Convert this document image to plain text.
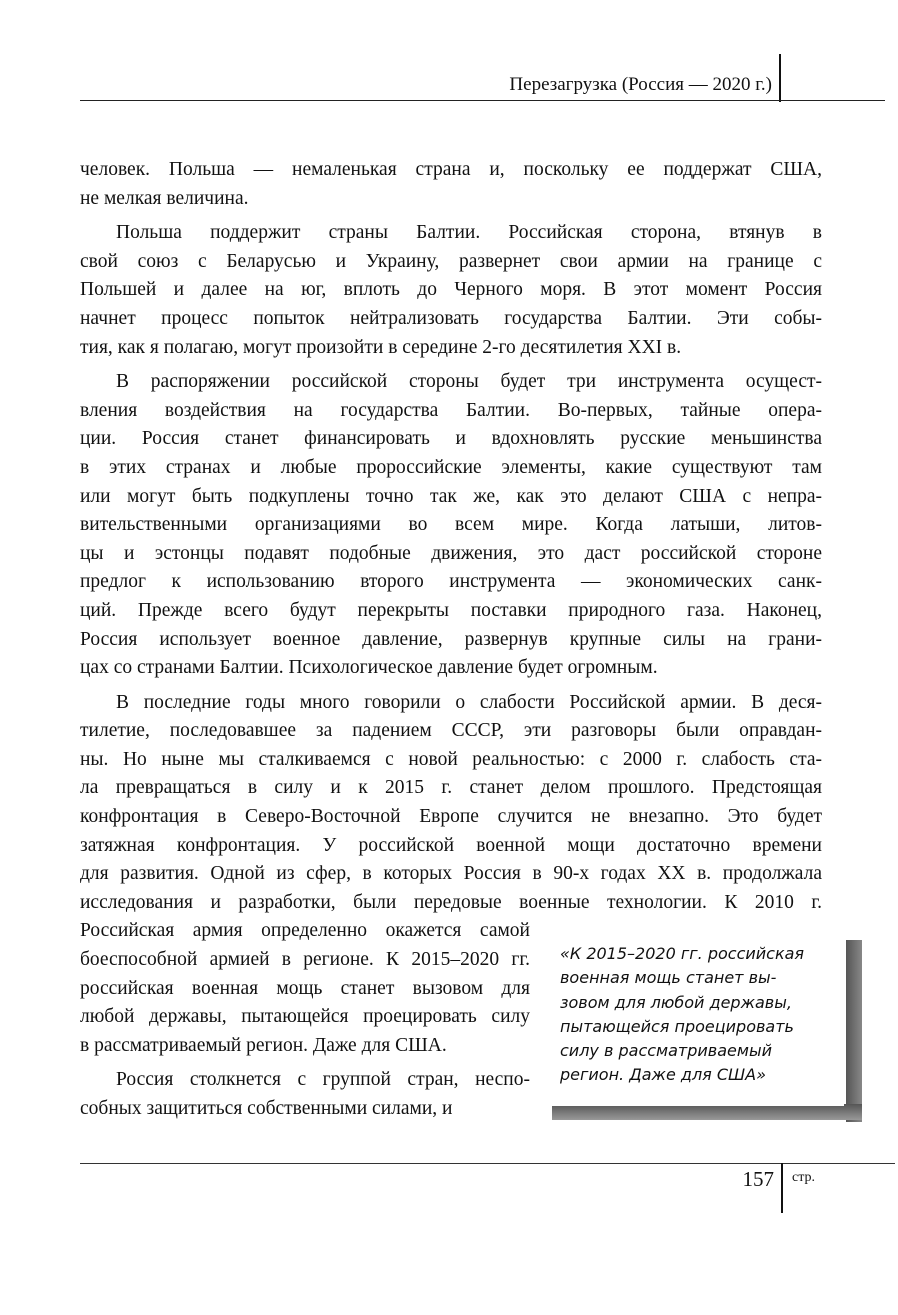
Перезагрузка (Россия — 2020 г.)
человек. Польша — немаленькая страна и, поскольку ее поддержат США,
не мелкая величина.
Польша поддержит страны Балтии. Российская сторона, втянув в
свой союз с Беларусью и Украину, развернет свои армии на границе с
Польшей и далее на юг, вплоть до Черного моря. В этот момент Россия
начнет процесс попыток нейтрализовать государства Балтии. Эти собы-
тия, как я полагаю, могут произойти в середине 2-го десятилетия XXI в.
В распоряжении российской стороны будет три инструмента осущест-
вления воздействия на государства Балтии. Во-первых, тайные опера-
ции. Россия станет финансировать и вдохновлять русские меньшинства
в этих странах и любые пророссийские элементы, какие существуют там
или могут быть подкуплены точно так же, как это делают США с непра-
вительственными организациями во всем мире. Когда латыши, литов-
цы и эстонцы подавят подобные движения, это даст российской стороне
предлог к использованию второго инструмента — экономических санк-
ций. Прежде всего будут перекрыты поставки природного газа. Наконец,
Россия использует военное давление, развернув крупные силы на грани-
цах со странами Балтии. Психологическое давление будет огромным.
В последние годы много говорили о слабости Российской армии. В деся-
тилетие, последовавшее за падением СССР, эти разговоры были оправдан-
ны. Но ныне мы сталкиваемся с новой реальностью: с 2000 г. слабость ста-
ла превращаться в силу и к 2015 г. станет делом прошлого. Предстоящая
конфронтация в Северо-Восточной Европе случится не внезапно. Это будет
затяжная конфронтация. У российской военной мощи достаточно времени
для развития. Одной из сфер, в которых Россия в 90-х годах XX в. продолжала
исследования и разработки, были передовые военные технологии. К 2010 г.
Российская армия определенно окажется самой
боеспособной армией в регионе. К 2015–2020 гг.
российская военная мощь станет вызовом для
любой державы, пытающейся проецировать силу
в рассматриваемый регион. Даже для США.
Россия столкнется с группой стран, неспо-
собных защититься собственными силами, и
«К 2015–2020 гг. российская
военная мощь станет вы-
зовом для любой державы,
пытающейся проецировать
силу в рассматриваемый
регион. Даже для США»
157 стр.
